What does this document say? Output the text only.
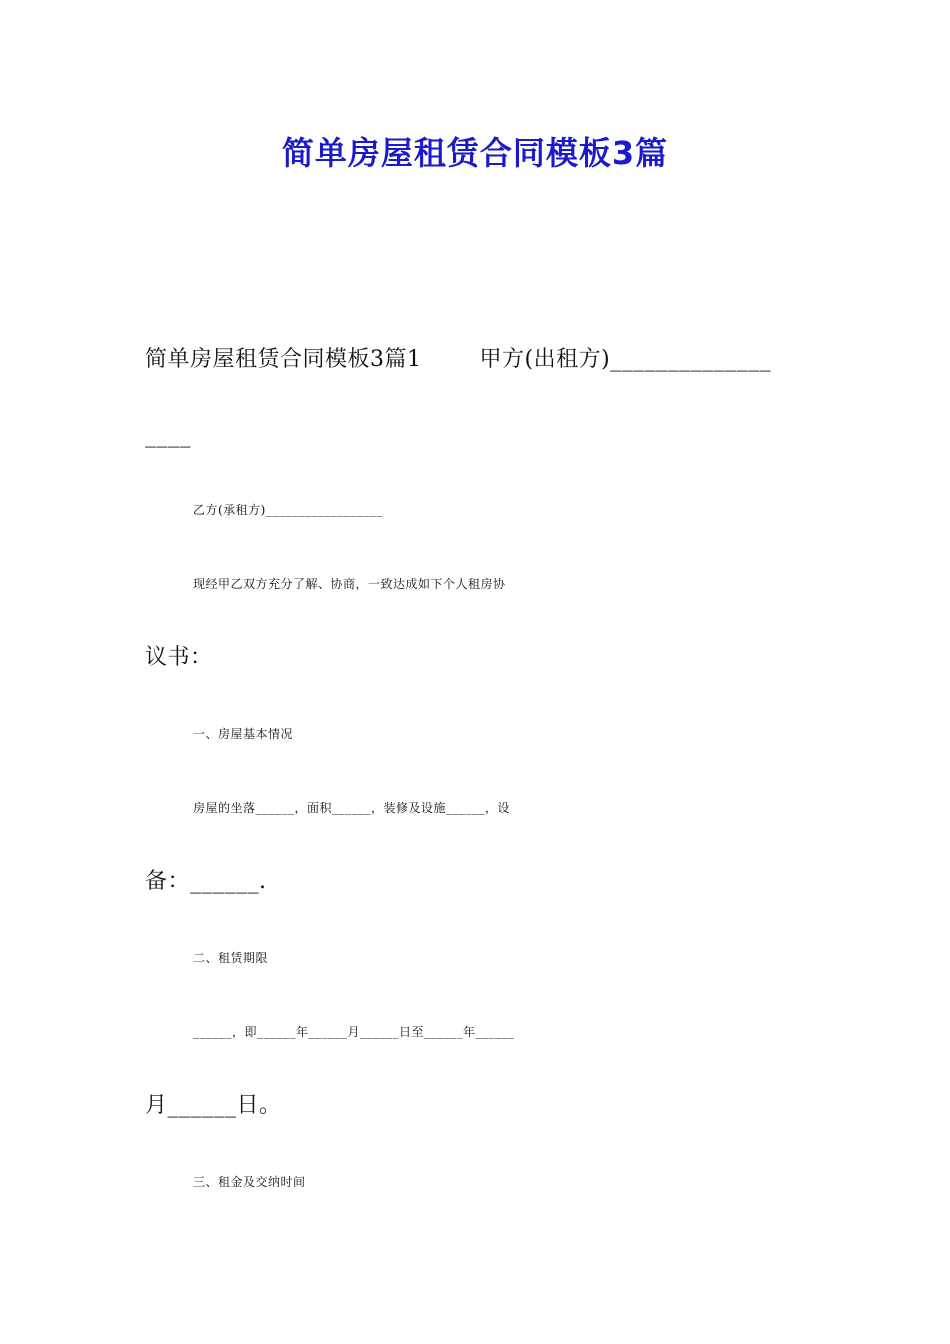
简单房屋租赁合同模板3篇
简单房屋租赁合同模板3篇1	甲方(出租方)______________
____
乙方(承租方)__________________
现经甲乙双方充分了解、协商，一致达成如下个人租房协
议书：
一、房屋基本情况
房屋的坐落______，面积______，装修及设施______，设
备：______.
二、租赁期限
______，即______年______月______日至______年______
月______日。
三、租金及交纳时间
